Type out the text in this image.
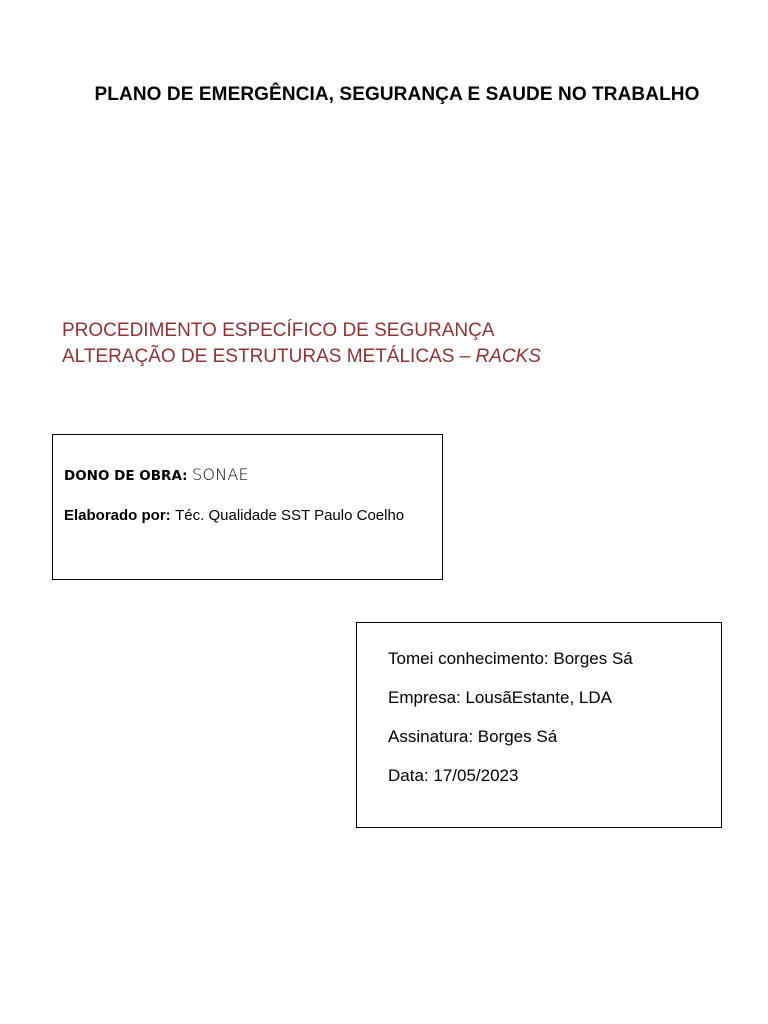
PLANO DE EMERGÊNCIA, SEGURANÇA E SAUDE NO TRABALHO
PROCEDIMENTO ESPECÍFICO DE SEGURANÇA
ALTERAÇÃO DE ESTRUTURAS METÁLICAS – RACKS
DONO DE OBRA: SONAE
Elaborado por: Téc. Qualidade SST Paulo Coelho
Tomei conhecimento: Borges Sá
Empresa: LousãEstante, LDA
Assinatura: Borges Sá
Data: 17/05/2023
